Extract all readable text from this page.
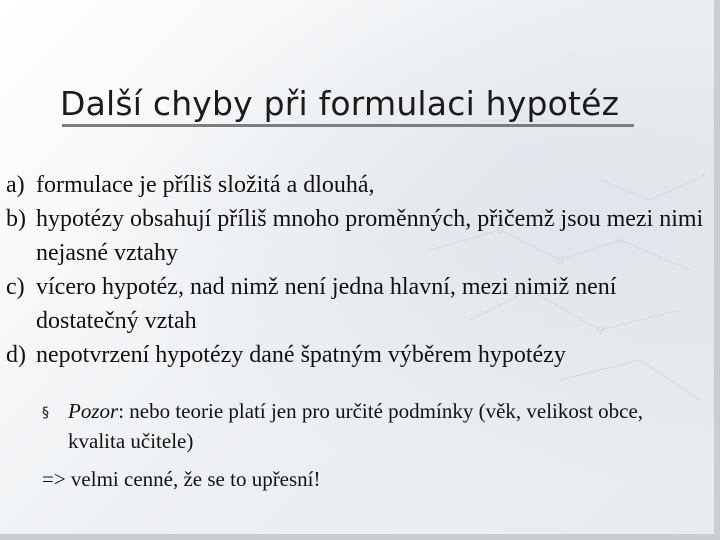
Další chyby při formulaci hypotéz
a) formulace je příliš složitá a dlouhá,
b) hypotézy obsahují příliš mnoho proměnných, přičemž jsou mezi nimi nejasné vztahy
c) vícero hypotéz, nad nimž není jedna hlavní, mezi nimiž není dostatečný vztah
d) nepotvrzení hypotézy dané špatným výběrem hypotézy
§ Pozor: nebo teorie platí jen pro určité podmínky (věk, velikost obce, kvalita učitele)
=> velmi cenné, že se to upřesní!
